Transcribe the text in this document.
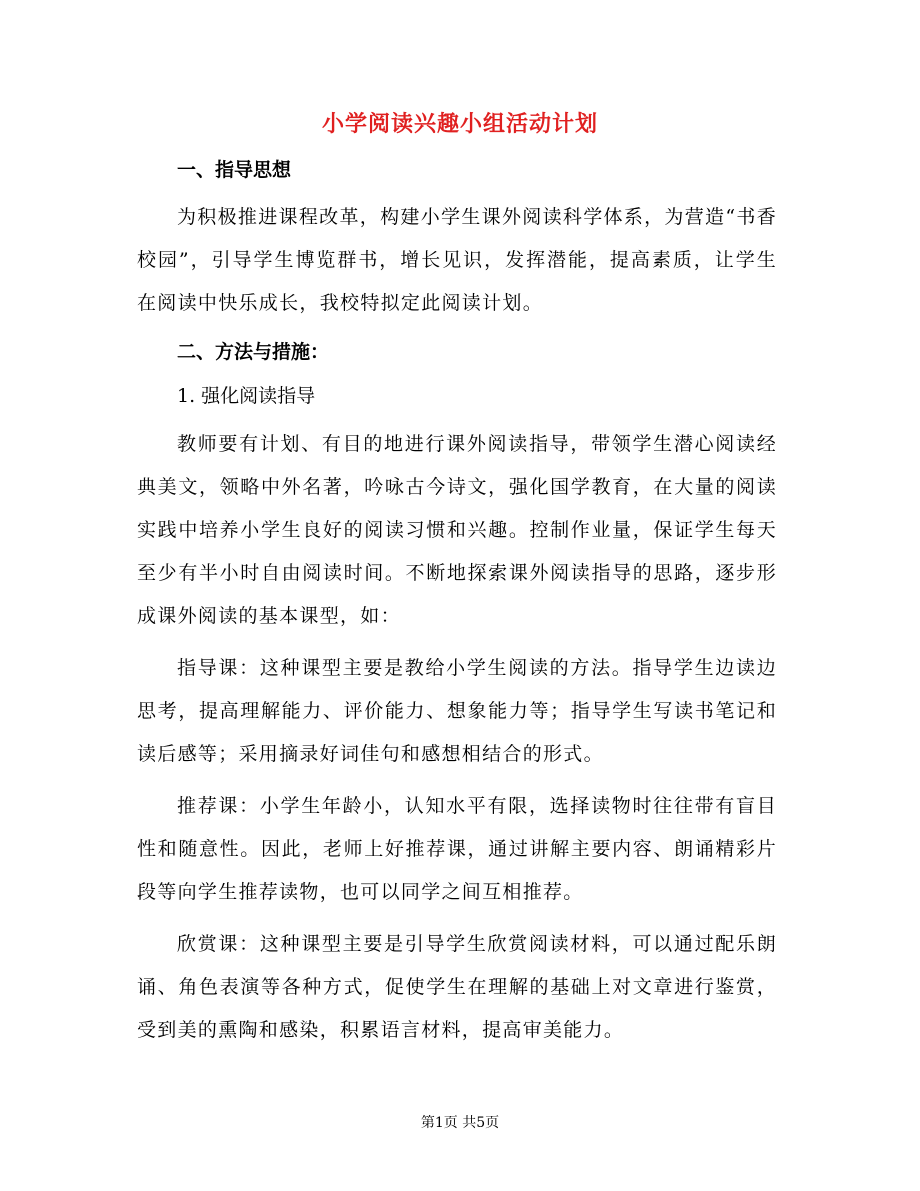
小学阅读兴趣小组活动计划
一、指导思想

为积极推进课程改革，构建小学生课外阅读科学体系，为营造“书香校园”，引导学生博览群书，增长见识，发挥潜能，提高素质，让学生在阅读中快乐成长，我校特拟定此阅读计划。

二、方法与措施：
1. 强化阅读指导

教师要有计划、有目的地进行课外阅读指导，带领学生潜心阅读经典美文，领略中外名著，吟咏古今诗文，强化国学教育，在大量的阅读实践中培养小学生良好的阅读习惯和兴趣。控制作业量，保证学生每天至少有半小时自由阅读时间。不断地探索课外阅读指导的思路，逐步形成课外阅读的基本课型，如：

指导课：这种课型主要是教给小学生阅读的方法。指导学生边读边思考，提高理解能力、评价能力、想象能力等；指导学生写读书笔记和读后感等；采用摘录好词佳句和感想相结合的形式。

推荐课：小学生年龄小，认知水平有限，选择读物时往往带有盲目性和随意性。因此，老师上好推荐课，通过讲解主要内容、朗诵精彩片段等向学生推荐读物，也可以同学之间互相推荐。

欣赏课：这种课型主要是引导学生欣赏阅读材料，可以通过配乐朗诵、角色表演等各种方式，促使学生在理解的基础上对文章进行鉴赏，受到美的熏陶和感染，积累语言材料，提高审美能力。

第1页 共5页
